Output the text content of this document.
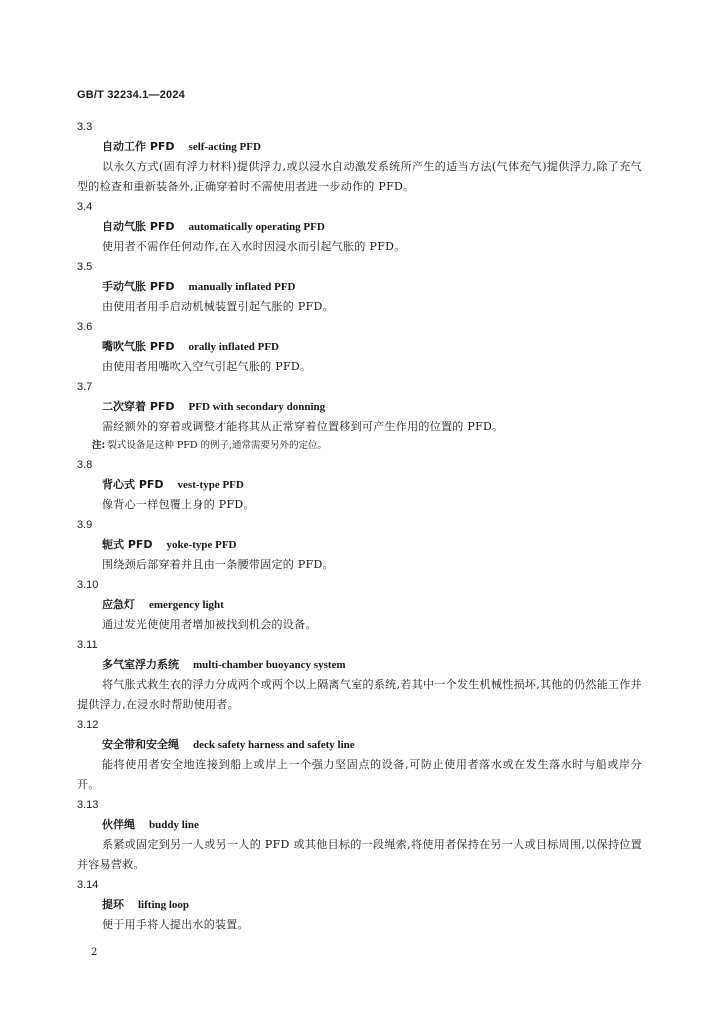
GB/T 32234.1—2024
3.3
自动工作 PFD self-acting PFD
以永久方式(固有浮力材料)提供浮力,或以浸水自动激发系统所产生的适当方法(气体充气)提供浮力,除了充气型的检查和重新装备外,正确穿着时不需使用者进一步动作的 PFD。
3.4
自动气胀 PFD automatically operating PFD
使用者不需作任何动作,在入水时因浸水而引起气胀的 PFD。
3.5
手动气胀 PFD manually inflated PFD
由使用者用手启动机械装置引起气胀的 PFD。
3.6
嘴吹气胀 PFD orally inflated PFD
由使用者用嘴吹入空气引起气胀的 PFD。
3.7
二次穿着 PFD PFD with secondary donning
需经额外的穿着或调整才能将其从正常穿着位置移到可产生作用的位置的 PFD。
注: 裂式设备是这种 PFD 的例子,通常需要另外的定位。
3.8
背心式 PFD vest-type PFD
像背心一样包覆上身的 PFD。
3.9
轭式 PFD yoke-type PFD
围绕颈后部穿着并且由一条腰带固定的 PFD。
3.10
应急灯 emergency light
通过发光使使用者增加被找到机会的设备。
3.11
多气室浮力系统 multi-chamber buoyancy system
将气胀式救生衣的浮力分成两个或两个以上隔离气室的系统,若其中一个发生机械性损坏,其他的仍然能工作并提供浮力,在浸水时帮助使用者。
3.12
安全带和安全绳 deck safety harness and safety line
能将使用者安全地连接到船上或岸上一个强力坚固点的设备,可防止使用者落水或在发生落水时与船或岸分开。
3.13
伙伴绳 buddy line
系紧或固定到另一人或另一人的 PFD 或其他目标的一段绳索,将使用者保持在另一人或目标周围,以保持位置并容易营救。
3.14
提环 lifting loop
便于用手将人提出水的装置。
2
